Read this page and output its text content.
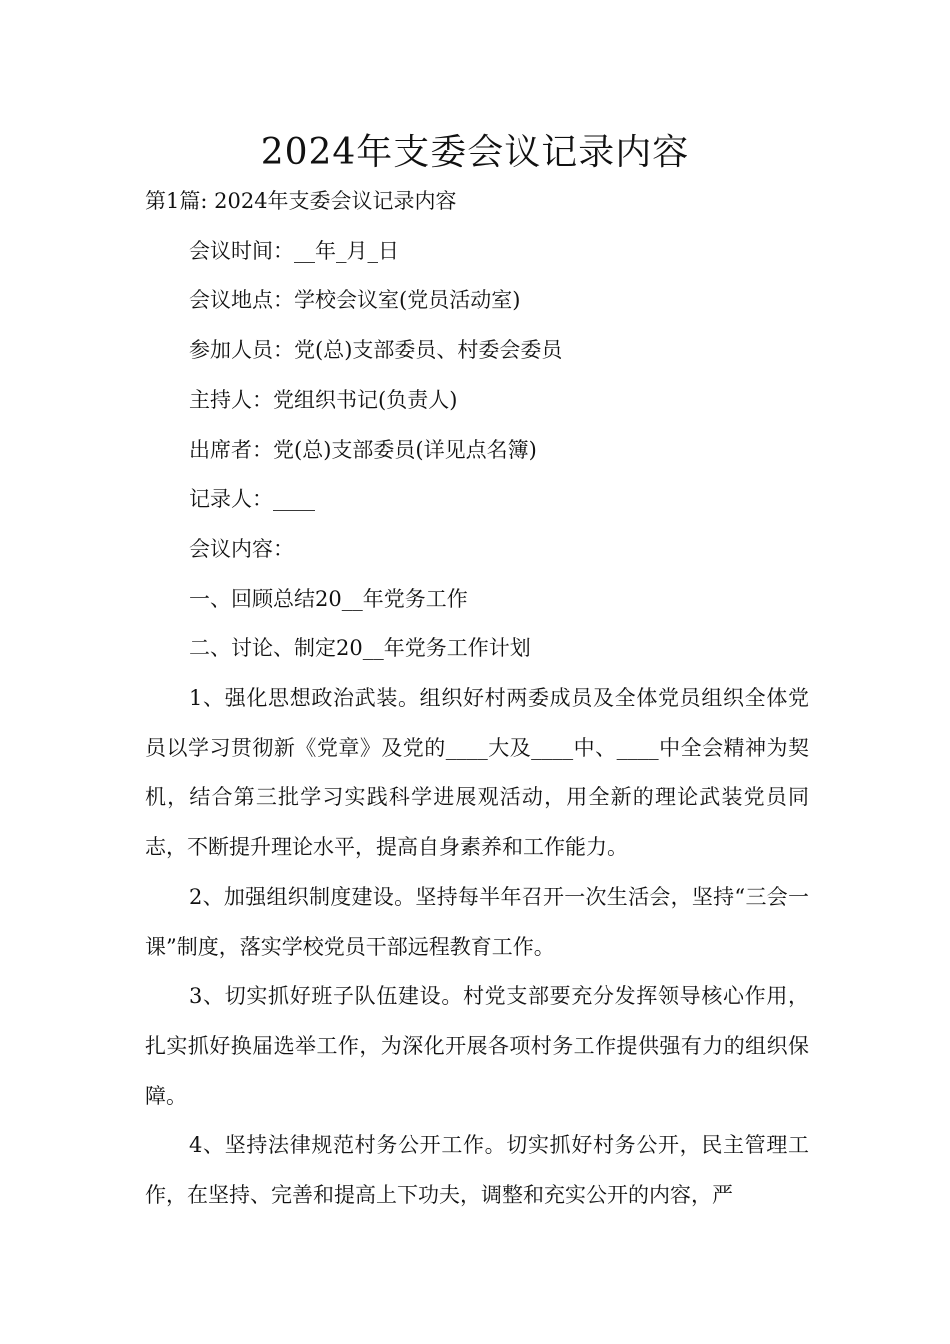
2024年支委会议记录内容

第1篇: 2024年支委会议记录内容

会议时间：__年_月_日

会议地点：学校会议室(党员活动室)

参加人员：党(总)支部委员、村委会委员

主持人：党组织书记(负责人)

出席者：党(总)支部委员(详见点名簿)

记录人：____

会议内容：

一、回顾总结20__年党务工作

二、讨论、制定20__年党务工作计划

1、强化思想政治武装。组织好村两委成员及全体党员组织全体党员以学习贯彻新《党章》及党的____大及____中、____中全会精神为契机，结合第三批学习实践科学进展观活动，用全新的理论武装党员同志，不断提升理论水平，提高自身素养和工作能力。

2、加强组织制度建设。坚持每半年召开一次生活会，坚持“三会一课”制度，落实学校党员干部远程教育工作。

3、切实抓好班子队伍建设。村党支部要充分发挥领导核心作用，扎实抓好换届选举工作，为深化开展各项村务工作提供强有力的组织保障。

4、坚持法律规范村务公开工作。切实抓好村务公开，民主管理工作，在坚持、完善和提高上下功夫，调整和充实公开的内容，严
